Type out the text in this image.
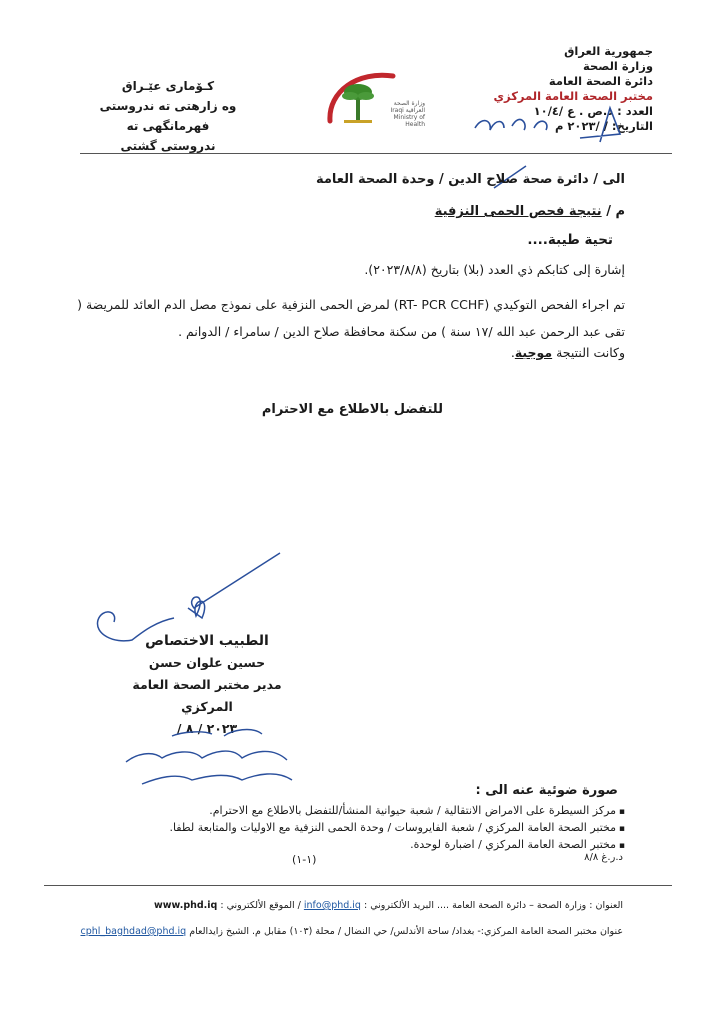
جمهورية العراق
وزارة الصحة
دائرة الصحة العامة
مختبر الصحة العامة المركزي
العدد : د.ص . ع /١٠/٤
التاريخ: / /٢٠٢٣ م
وزارة الصحة العراقية Iraqi Ministry of Health
كـۆماری عێـراق
وه زارهتى ته ندروستى
فهرمانگهى ته ندروستى گشتى
الى / دائرة صحة صلاح الدين / وحدة الصحة العامة
م / نتيجة فحص الحمى النزفية
تحية طيبة....
إشارة إلى كتابكم ذي العدد (بلا) بتاريخ (٢٠٢٣/٨/٨).
تم اجراء الفحص التوكيدي (RT- PCR CCHF) لمرض الحمى النزفية على نموذج مصل الدم العائد للمريضة ( تقى عبد الرحمن عبد الله /١٧ سنة ) من سكنة محافظة صلاح الدين / سامراء / الدوانم .
وكانت النتيجة موجبة.
للتفضل بالاطلاع مع الاحترام
الطبيب الاختصاص
حسين علوان حسن
مدير مختبر الصحة العامة المركزي
٢٠٢٣ / ٨ /
صورة ضوئية عنه الى :
▪ مركز السيطرة على الامراض الانتقالية / شعبة حيوانية المنشأ/للتفضل بالاطلاع مع الاحترام.
▪ مختبر الصحة العامة المركزي / شعبة الفايروسات / وحدة الحمى النزفية مع الاوليات والمتابعة لطفا.
▪ مختبر الصحة العامة المركزي / اضبارة لوحدة.
(١-١)	د.ر.غ ٨/٨
العنوان : وزارة الصحة – دائرة الصحة العامة .... البريد الألكتروني : info@phd.iq / الموقع الألكتروني : www.phd.iq
عنوان مختبر الصحة العامة المركزي:- بغداد/ ساحة الأندلس/ حي النضال / محلة (١٠٣) مقابل م. الشيخ زايدالعام cphl_baghdad@phd.iq
